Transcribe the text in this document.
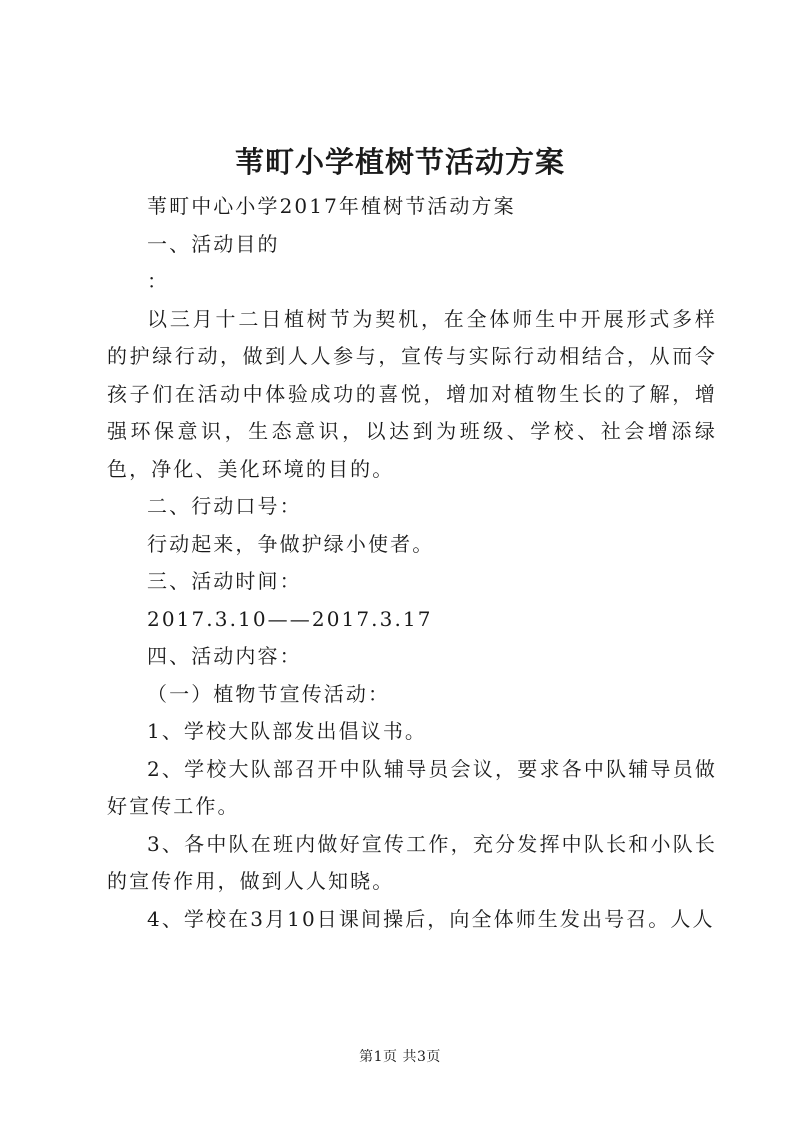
苇町小学植树节活动方案

苇町中心小学2017年植树节活动方案

一、活动目的

：

以三月十二日植树节为契机，在全体师生中开展形式多样的护绿行动，做到人人参与，宣传与实际行动相结合，从而令孩子们在活动中体验成功的喜悦，增加对植物生长的了解，增强环保意识，生态意识，以达到为班级、学校、社会增添绿色，净化、美化环境的目的。

二、行动口号：

行动起来，争做护绿小使者。

三、活动时间：

2017.3.10——2017.3.17

四、活动内容：

（一）植物节宣传活动：

1、学校大队部发出倡议书。

2、学校大队部召开中队辅导员会议，要求各中队辅导员做好宣传工作。

3、各中队在班内做好宣传工作，充分发挥中队长和小队长的宣传作用，做到人人知晓。

4、学校在3月10日课间操后，向全体师生发出号召。人人

第1页 共3页
